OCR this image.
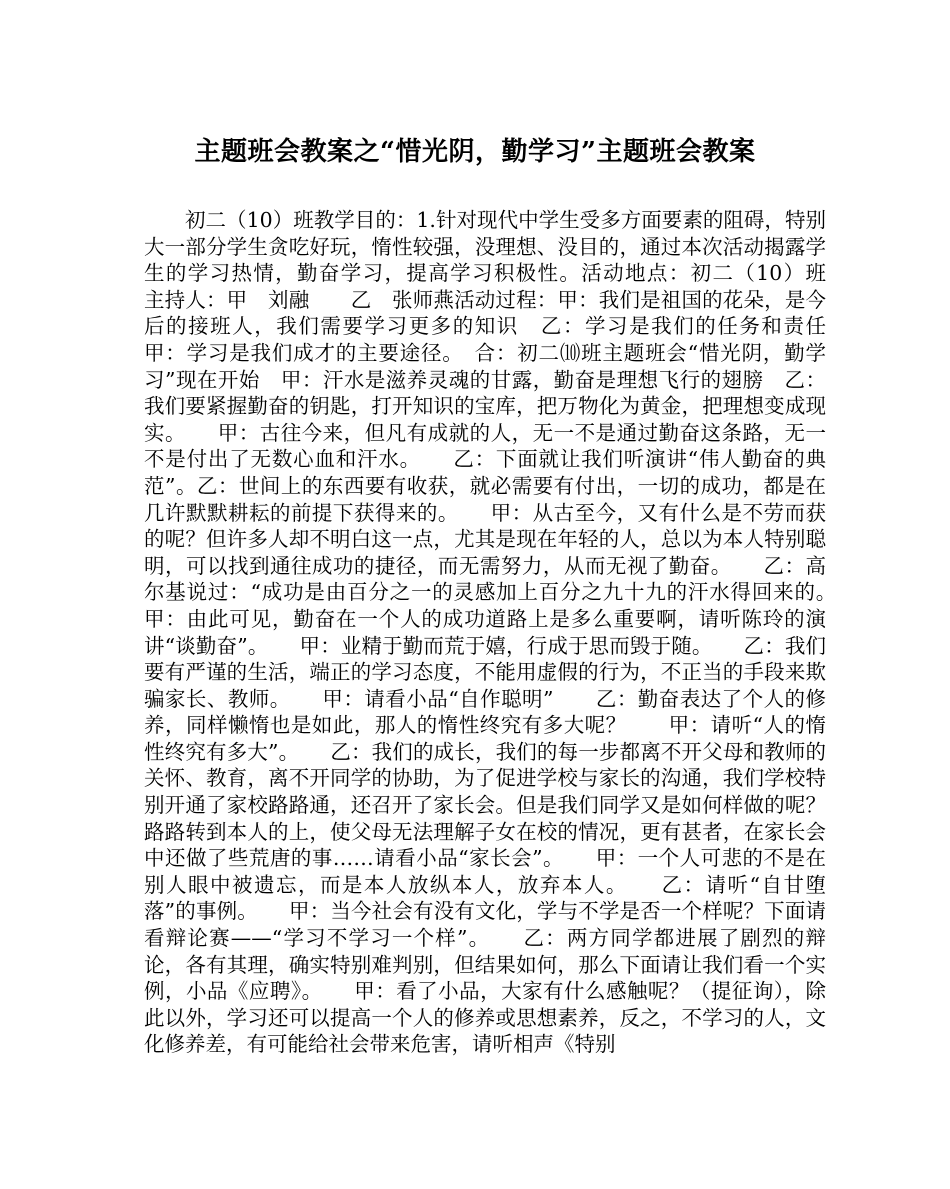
主题班会教案之“惜光阴，勤学习”主题班会教案

初二（10）班教学目的：1.针对现代中学生受多方面要素的阻碍，特别大一部分学生贪吃好玩，惰性较强，没理想、没目的，通过本次活动揭露学生的学习热情，勤奋学习，提高学习积极性。活动地点：初二（10）班　　主持人：甲　刘融　　乙　张师燕活动过程：甲：我们是祖国的花朵，是今后的接班人，我们需要学习更多的知识　乙：学习是我们的任务和责任　　甲：学习是我们成才的主要途径。　合：初二⑽班主题班会“惜光阴，勤学习”现在开始　甲：汗水是滋养灵魂的甘露，勤奋是理想飞行的翅膀　乙：我们要紧握勤奋的钥匙，打开知识的宝库，把万物化为黄金，把理想变成现实。　　甲：古往今来，但凡有成就的人，无一不是通过勤奋这条路，无一不是付出了无数心血和汗水。　　乙：下面就让我们听演讲“伟人勤奋的典范”。乙：世间上的东西要有收获，就必需要有付出，一切的成功，都是在几许默默耕耘的前提下获得来的。　　甲：从古至今，又有什么是不劳而获的呢？但许多人却不明白这一点，尤其是现在年轻的人，总以为本人特别聪明，可以找到通往成功的捷径，而无需努力，从而无视了勤奋。　　乙：高尔基说过：“成功是由百分之一的灵感加上百分之九十九的汗水得回来的。　　甲：由此可见，勤奋在一个人的成功道路上是多么重要啊，请听陈玲的演讲“谈勤奋”。　　甲：业精于勤而荒于嬉，行成于思而毁于随。　　乙：我们要有严谨的生活，端正的学习态度，不能用虚假的行为，不正当的手段来欺骗家长、教师。　　甲：请看小品“自作聪明”　　乙：勤奋表达了个人的修养，同样懒惰也是如此，那人的惰性终究有多大呢？　　甲：请听“人的惰性终究有多大”。　　乙：我们的成长，我们的每一步都离不开父母和教师的关怀、教育，离不开同学的协助，为了促进学校与家长的沟通，我们学校特别开通了家校路路通，还召开了家长会。但是我们同学又是如何样做的呢？路路转到本人的上，使父母无法理解子女在校的情况，更有甚者，在家长会中还做了些荒唐的事……请看小品“家长会”。　　甲：一个人可悲的不是在别人眼中被遗忘，而是本人放纵本人，放弃本人。　　乙：请听“自甘堕落”的事例。　　甲：当今社会有没有文化，学与不学是否一个样呢？下面请看辩论赛——“学习不学习一个样”。　　乙：两方同学都进展了剧烈的辩论，各有其理，确实特别难判别，但结果如何，那么下面请让我们看一个实例，小品《应聘》。　　甲：看了小品，大家有什么感触呢？（提征询），除此以外，学习还可以提高一个人的修养或思想素养，反之，不学习的人，文化修养差，有可能给社会带来危害，请听相声《特别
